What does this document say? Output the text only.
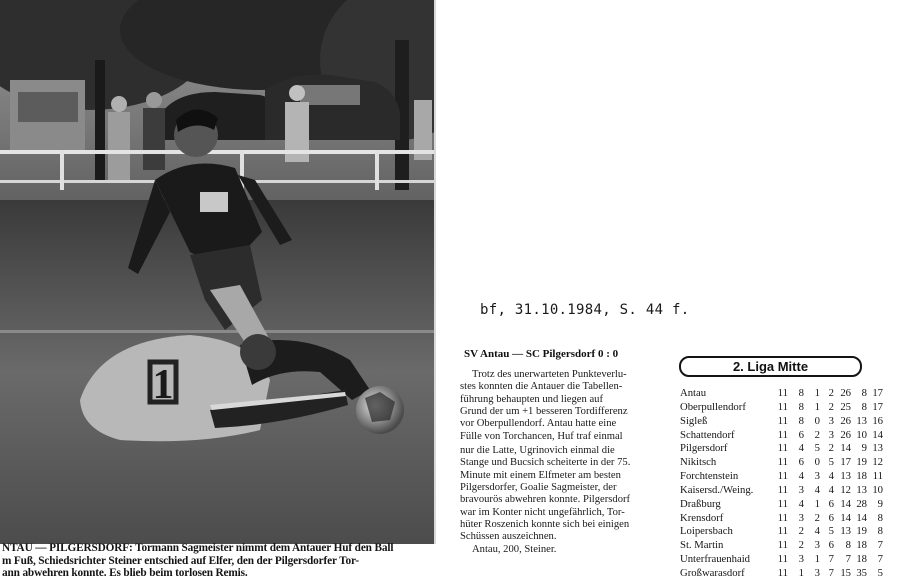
1
NTAU — PILGERSDORF: Tormann Sagmeister nimmt dem Antauer Huf den Ball
m Fuß, Schiedsrichter Steiner entschied auf Elfer, den der Pilgersdorfer Tor-
ann abwehren konnte. Es blieb beim torlosen Remis.
bf, 31.10.1984, S. 44 f.
SV Antau — SC Pilgersdorf 0 : 0
Trotz des unerwarteten Punkteverlu-
stes konnten die Antauer die Tabellen-
führung behaupten und liegen auf
Grund der um +1 besseren Tordifferenz
vor Oberpullendorf. Antau hatte eine
Fülle von Torchancen, Huf traf einmal
nur die Latte, Ugrinovich einmal die
Stange und Bucsich scheiterte in der 75.
Minute mit einem Elfmeter am besten
Pilgersdorfer, Goalie Sagmeister, der
bravourös abwehren konnte. Pilgersdorf
war im Konter nicht ungefährlich, Tor-
hüter Roszenich konnte sich bei einigen
Schüssen auszeichnen.
Antau, 200, Steiner.
2. Liga Mitte
Antau	11 8 1 2 26 8 17
Oberpullendorf	11 8 1 2 25 8 17
Sigleß	11 8 0 3 26 13 16
Schattendorf	11 6 2 3 26 10 14
Pilgersdorf	11 4 5 2 14 9 13
Nikitsch	11 6 0 5 17 19 12
Forchtenstein	11 4 3 4 13 18 11
Kaisersd./Weing. 11 3 4 4 12 13 10
Draßburg	11 4 1 6 14 28 9
Krensdorf	11 3 2 6 14 14 8
Loipersbach	11 2 4 5 13 19 8
St. Martin	11 2 3 6	8 18 7
Unterfrauenhaid	11 3 1 7	7 18 7
Großwarasdorf	11 1 3 7 15 35 5
